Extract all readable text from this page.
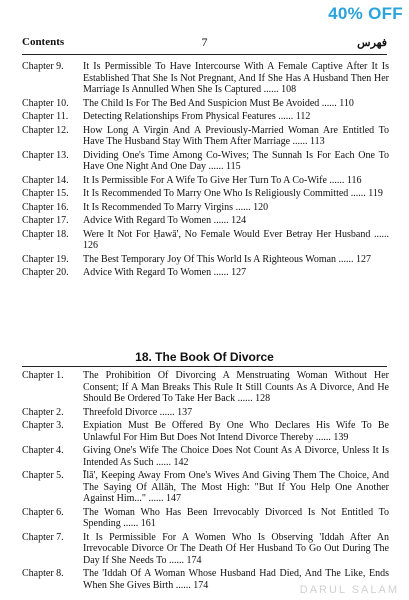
40% OFF
Contents	7	فهرس
Chapter 9.	It Is Permissible To Have Intercourse With A Female Captive After It Is Established That She Is Not Pregnant, And If She Has A Husband Then Her Marriage Is Annulled When She Is Captured ...... 108
Chapter 10.	The Child Is For The Bed And Suspicion Must Be Avoided ...... 110
Chapter 11.	Detecting Relationships From Physical Features ...... 112
Chapter 12.	How Long A Virgin And A Previously-Married Woman Are Entitled To Have The Husband Stay With Them After Marriage ...... 113
Chapter 13.	Dividing One's Time Among Co-Wives; The Sunnah Is For Each One To Have One Night And One Day ...... 115
Chapter 14.	It Is Permissible For A Wife To Give Her Turn To A Co-Wife ...... 116
Chapter 15.	It Is Recommended To Marry One Who Is Religiously Committed ...... 119
Chapter 16.	It Is Recommended To Marry Virgins ...... 120
Chapter 17.	Advice With Regard To Women ...... 124
Chapter 18.	Were It Not For Ḥawā', No Female Would Ever Betray Her Husband ...... 126
Chapter 19.	The Best Temporary Joy Of This World Is A Righteous Woman ...... 127
Chapter 20.	Advice With Regard To Women ...... 127
18. The Book Of Divorce
Chapter 1.	The Prohibition Of Divorcing A Menstruating Woman Without Her Consent; If A Man Breaks This Rule It Still Counts As A Divorce, And He Should Be Ordered To Take Her Back ...... 128
Chapter 2.	Threefold Divorce ...... 137
Chapter 3.	Expiation Must Be Offered By One Who Declares His Wife To Be Unlawful For Him But Does Not Intend Divorce Thereby ...... 139
Chapter 4.	Giving One's Wife The Choice Does Not Count As A Divorce, Unless It Is Intended As Such ...... 142
Chapter 5.	Īlā', Keeping Away From One's Wives And Giving Them The Choice, And The Saying Of Allāh, The Most High: "But If You Help One Another Against Him..." ...... 147
Chapter 6.	The Woman Who Has Been Irrevocably Divorced Is Not Entitled To Spending ...... 161
Chapter 7.	It Is Permissible For A Women Who Is Observing 'Iddah After An Irrevocable Divorce Or The Death Of Her Husband To Go Out During The Day If She Needs To ...... 174
Chapter 8.	The 'Iddah Of A Woman Whose Husband Had Died, And The Like, Ends When She Gives Birth ...... 174	DARUL SALAM
